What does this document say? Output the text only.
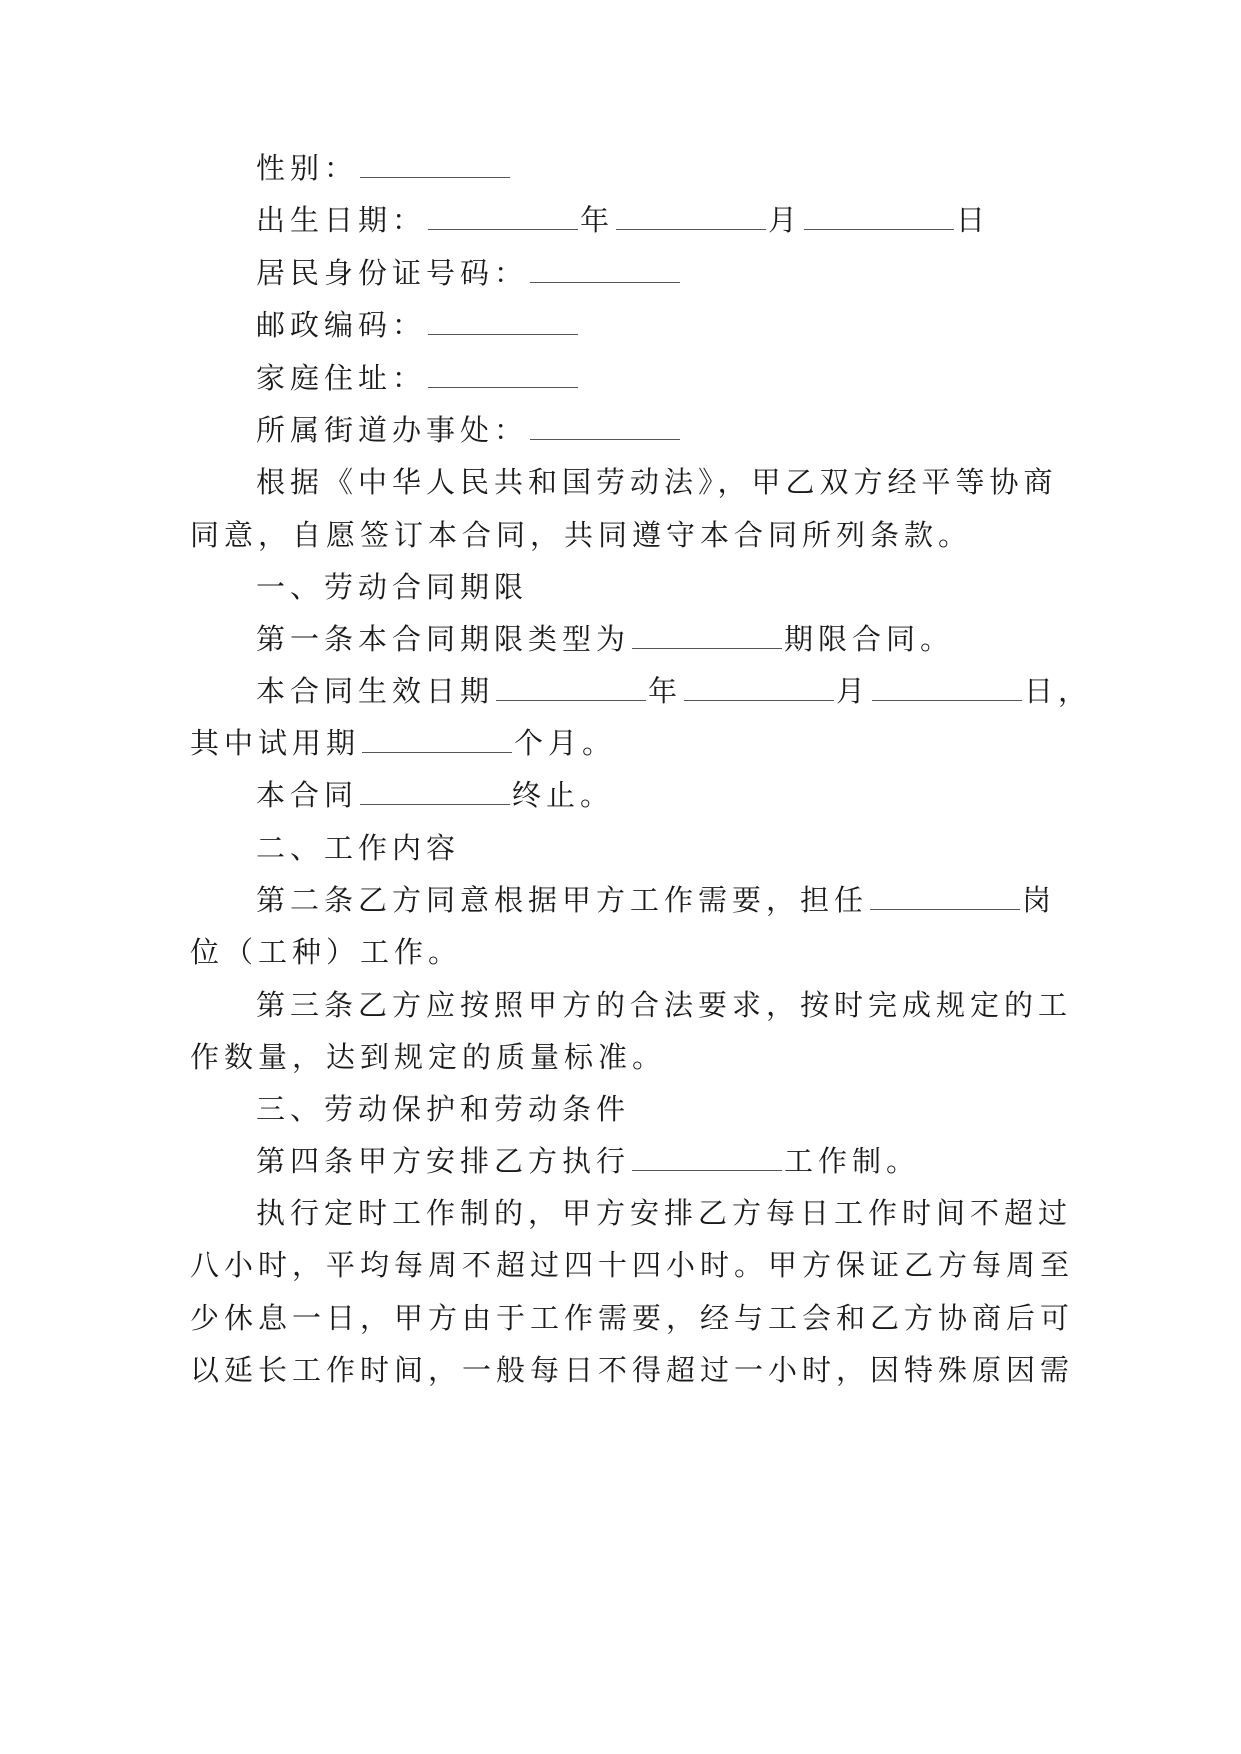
性别：
出生日期：	年	月	日
居民身份证号码：
邮政编码：
家庭住址：
所属街道办事处：
根据《中华人民共和国劳动法》，甲乙双方经平等协商
同意，自愿签订本合同，共同遵守本合同所列条款。
一、劳动合同期限
第一条本合同期限类型为	期限合同。
本合同生效日期	年	月	日，
其中试用期	个月。
本合同	终止。
二、工作内容
第二条乙方同意根据甲方工作需要，担任	岗
位（工种）工作。
第三条乙方应按照甲方的合法要求，按时完成规定的工
作数量，达到规定的质量标准。
三、劳动保护和劳动条件
第四条甲方安排乙方执行	工作制。
执行定时工作制的，甲方安排乙方每日工作时间不超过
八小时，平均每周不超过四十四小时。甲方保证乙方每周至
少休息一日，甲方由于工作需要，经与工会和乙方协商后可
以延长工作时间，一般每日不得超过一小时，因特殊原因需
